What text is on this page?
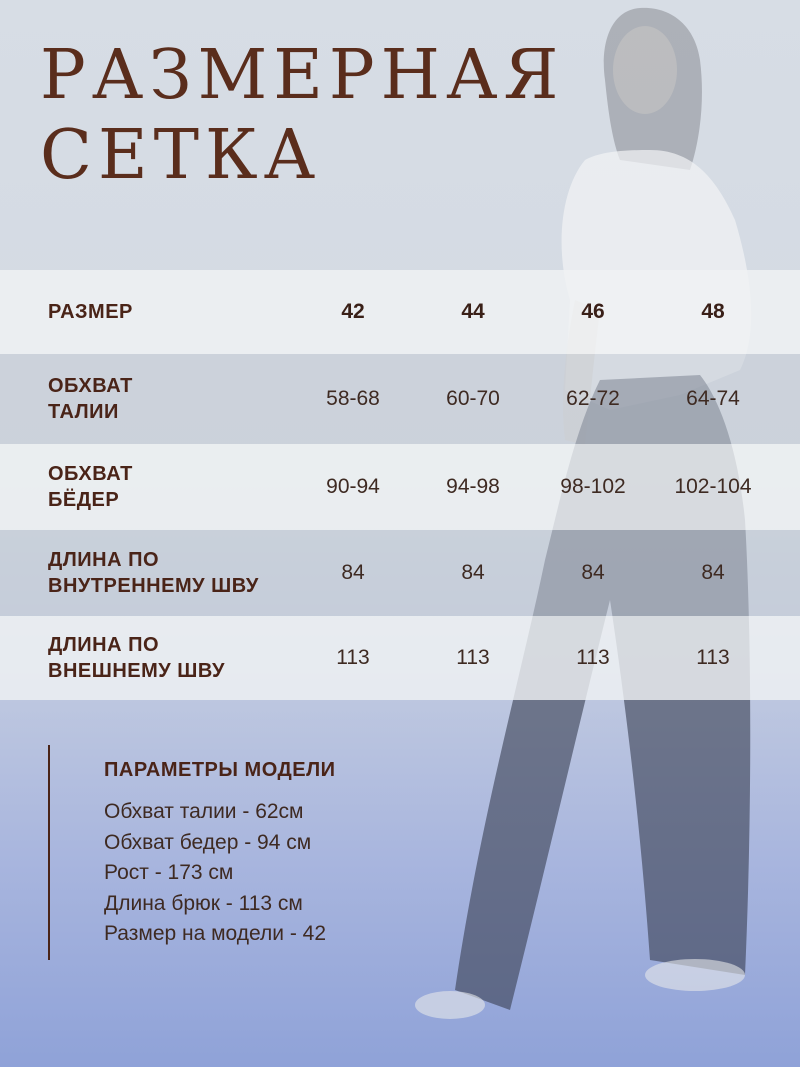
РАЗМЕРНАЯ
СЕТКА
РАЗМЕР	42	44	46	48
ОБХВАТ
ТАЛИИ
58-68	60-70	62-72	64-74
ОБХВАТ
БЁДЕР
90-94	94-98	98-102	102-104
ДЛИНА ПО
ВНУТРЕННЕМУ ШВУ
84	84	84	84
ДЛИНА ПО
ВНЕШНЕМУ ШВУ
113	113	113	113
ПАРАМЕТРЫ МОДЕЛИ
Обхват талии - 62см
Обхват бедер - 94 см
Рост - 173 см
Длина брюк - 113 см
Размер на модели - 42
